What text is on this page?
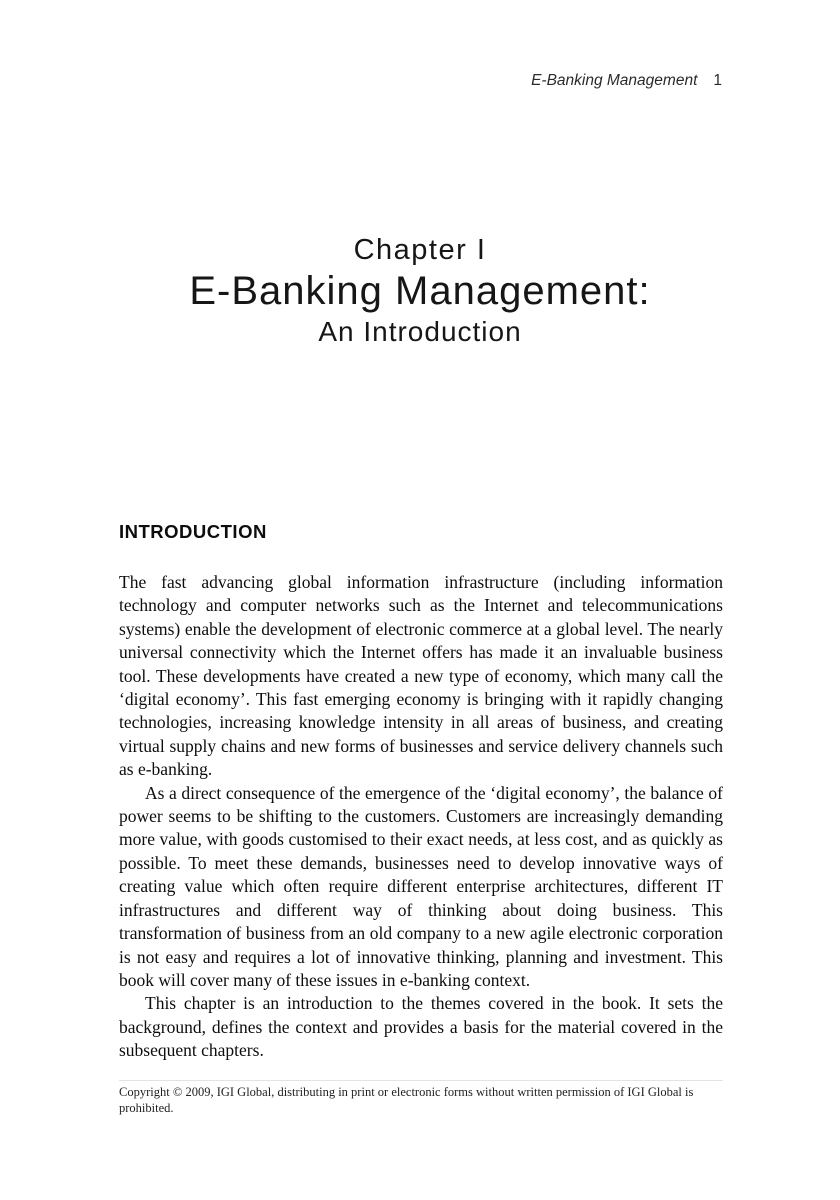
E-Banking Management 1
Chapter I
E-Banking Management:
An Introduction
INTRODUCTION

The fast advancing global information infrastructure (including information technology and computer networks such as the Internet and telecommunications systems) enable the development of electronic commerce at a global level. The nearly universal connectivity which the Internet offers has made it an invaluable business tool. These developments have created a new type of economy, which many call the ‘digital economy’. This fast emerging economy is bringing with it rapidly changing technologies, increasing knowledge intensity in all areas of business, and creating virtual supply chains and new forms of businesses and service delivery channels such as e-banking.

As a direct consequence of the emergence of the ‘digital economy’, the balance of power seems to be shifting to the customers. Customers are increasingly demanding more value, with goods customised to their exact needs, at less cost, and as quickly as possible. To meet these demands, businesses need to develop innovative ways of creating value which often require different enterprise architectures, different IT infrastructures and different way of thinking about doing business. This transformation of business from an old company to a new agile electronic corporation is not easy and requires a lot of innovative thinking, planning and investment. This book will cover many of these issues in e-banking context.

This chapter is an introduction to the themes covered in the book. It sets the background, defines the context and provides a basis for the material covered in the subsequent chapters.

Copyright © 2009, IGI Global, distributing in print or electronic forms without written permission of IGI Global is prohibited.
